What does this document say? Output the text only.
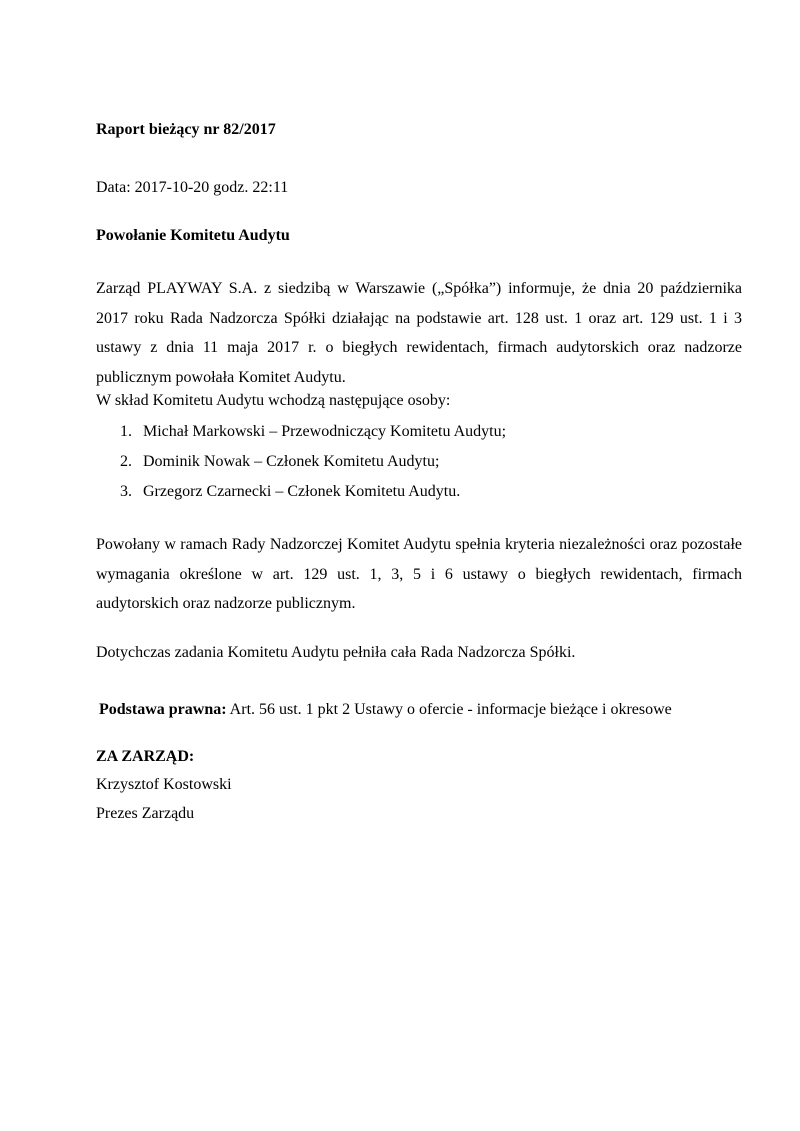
Raport bieżący nr 82/2017
Data: 2017-10-20 godz. 22:11
Powołanie Komitetu Audytu
Zarząd PLAYWAY S.A. z siedzibą w Warszawie („Spółka”) informuje, że dnia 20 października 2017 roku Rada Nadzorcza Spółki działając na podstawie art. 128 ust. 1 oraz art. 129 ust. 1 i 3 ustawy z dnia 11 maja 2017 r. o biegłych rewidentach, firmach audytorskich oraz nadzorze publicznym powołała Komitet Audytu.
W skład Komitetu Audytu wchodzą następujące osoby:
1. Michał Markowski – Przewodniczący Komitetu Audytu;
2. Dominik Nowak – Członek Komitetu Audytu;
3. Grzegorz Czarnecki – Członek Komitetu Audytu.
Powołany w ramach Rady Nadzorczej Komitet Audytu spełnia kryteria niezależności oraz pozostałe wymagania określone w art. 129 ust. 1, 3, 5 i 6 ustawy o biegłych rewidentach, firmach audytorskich oraz nadzorze publicznym.
Dotychczas zadania Komitetu Audytu pełniła cała Rada Nadzorcza Spółki.
Podstawa prawna: Art. 56 ust. 1 pkt 2 Ustawy o ofercie - informacje bieżące i okresowe
ZA ZARZĄD:
Krzysztof Kostowski
Prezes Zarządu
